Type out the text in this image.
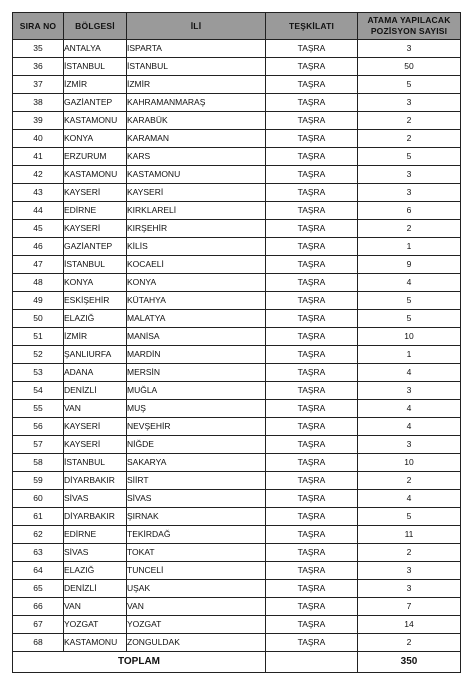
SIRA NO	BÖLGESİ	İLİ	TEŞKİLATI	ATAMA YAPILACAK
POZİSYON SAYISI

35	ANTALYA	ISPARTA	TAŞRA	3
36	İSTANBUL	İSTANBUL	TAŞRA	50
37	İZMİR	İZMİR	TAŞRA	5
38	GAZİANTEP	KAHRAMANMARAŞ	TAŞRA	3
39	KASTAMONU	KARABÜK	TAŞRA	2
40	KONYA	KARAMAN	TAŞRA	2
41	ERZURUM	KARS	TAŞRA	5
42	KASTAMONU	KASTAMONU	TAŞRA	3
43	KAYSERİ	KAYSERİ	TAŞRA	3
44	EDİRNE	KIRKLARELİ	TAŞRA	6
45	KAYSERİ	KIRŞEHİR	TAŞRA	2
46	GAZİANTEP	KİLİS	TAŞRA	1
47	İSTANBUL	KOCAELİ	TAŞRA	9
48	KONYA	KONYA	TAŞRA	4
49	ESKİŞEHİR	KÜTAHYA	TAŞRA	5
50	ELAZIĞ	MALATYA	TAŞRA	5
51	İZMİR	MANİSA	TAŞRA	10
52	ŞANLIURFA	MARDİN	TAŞRA	1
53	ADANA	MERSİN	TAŞRA	4
54	DENİZLİ	MUĞLA	TAŞRA	3
55	VAN	MUŞ	TAŞRA	4
56	KAYSERİ	NEVŞEHİR	TAŞRA	4
57	KAYSERİ	NİĞDE	TAŞRA	3
58	İSTANBUL	SAKARYA	TAŞRA	10
59	DİYARBAKIR	SİİRT	TAŞRA	2
60	SİVAS	SİVAS	TAŞRA	4
61	DİYARBAKIR	ŞIRNAK	TAŞRA	5
62	EDİRNE	TEKİRDAĞ	TAŞRA	11
63	SİVAS	TOKAT	TAŞRA	2
64	ELAZIĞ	TUNCELİ	TAŞRA	3
65	DENİZLİ	UŞAK	TAŞRA	3
66	VAN	VAN	TAŞRA	7
67	YOZGAT	YOZGAT	TAŞRA	14
68	KASTAMONU	ZONGULDAK	TAŞRA	2
TOPLAM				350
